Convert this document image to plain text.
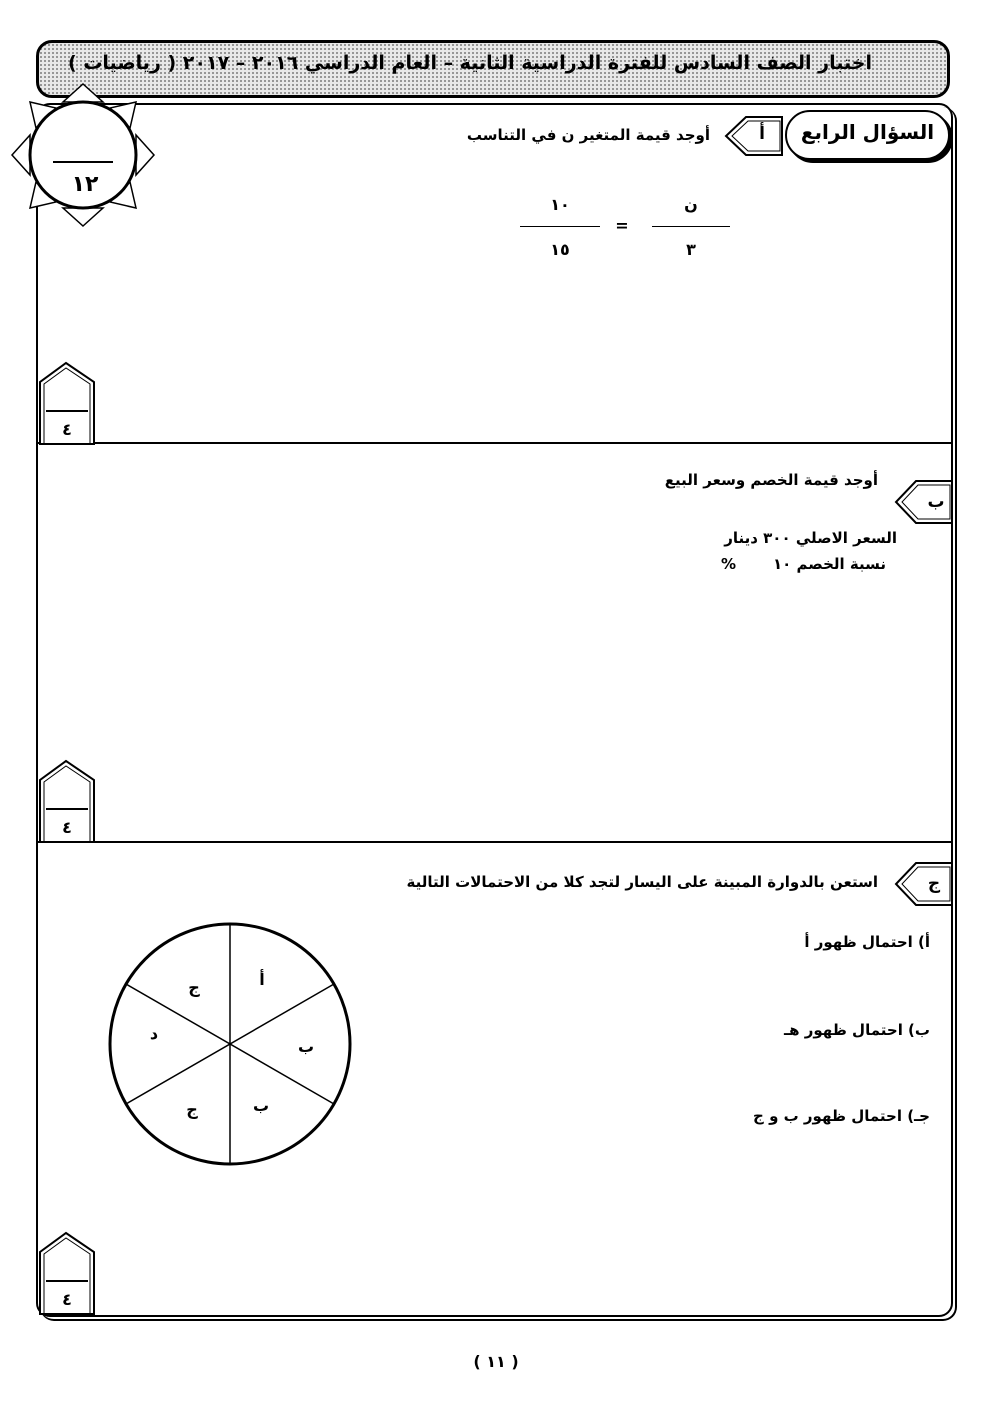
اختبار الصف السادس للفترة الدراسية الثانية – العام الدراسي ٢٠١٦ – ٢٠١٧ ( رياضيات )
السؤال الرابع
١٢
أ
أوجد قيمة المتغير ن في التناسب
١٠
١٥
=
ن
٣
٤
ب
أوجد قيمة الخصم وسعر البيع
السعر الاصلي ٣٠٠ دينار
نسبة الخصم ١٠
%
٤
ج
استعن بالدوارة المبينة على اليسار لتجد كلا من الاحتمالات التالية
أ) احتمال ظهور أ
ب) احتمال ظهور هـ
جـ) احتمال ظهور ب و ج
أ
ب
ب
ج
د
ج
٤
( ١١ )
